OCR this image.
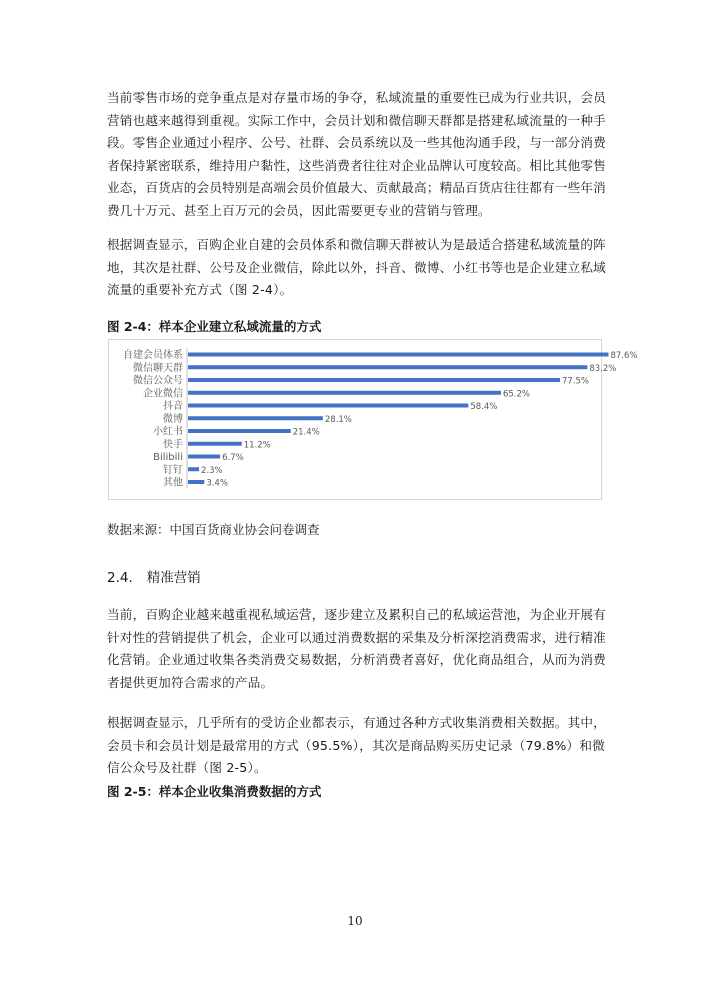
当前零售市场的竞争重点是对存量市场的争夺，私域流量的重要性已成为行业共识，会员营销也越来越得到重视。实际工作中，会员计划和微信聊天群都是搭建私域流量的一种手段。零售企业通过小程序、公号、社群、会员系统以及一些其他沟通手段，与一部分消费者保持紧密联系，维持用户黏性，这些消费者往往对企业品牌认可度较高。相比其他零售业态，百货店的会员特别是高端会员价值最大、贡献最高；精品百货店往往都有一些年消费几十万元、甚至上百万元的会员，因此需要更专业的营销与管理。

根据调查显示，百购企业自建的会员体系和微信聊天群被认为是最适合搭建私域流量的阵地，其次是社群、公号及企业微信，除此以外，抖音、微博、小红书等也是企业建立私域流量的重要补充方式（图 2-4）。

图 2-4：样本企业建立私域流量的方式

自建会员体系	87.6%
微信聊天群	83.2%
微信公众号	77.5%
企业微信	65.2%
抖音	58.4%
微博	28.1%
小红书	21.4%
快手	11.2%
Bilibili	6.7%
钉钉 2.3%
其他	3.4%

数据来源：中国百货商业协会问卷调查

2.4. 精准营销

当前，百购企业越来越重视私域运营，逐步建立及累积自己的私域运营池，为企业开展有针对性的营销提供了机会，企业可以通过消费数据的采集及分析深挖消费需求，进行精准化营销。企业通过收集各类消费交易数据，分析消费者喜好，优化商品组合，从而为消费者提供更加符合需求的产品。

根据调查显示，几乎所有的受访企业都表示，有通过各种方式收集消费相关数据。其中，会员卡和会员计划是最常用的方式（95.5%），其次是商品购买历史记录（79.8%）和微信公众号及社群（图 2-5）。

图 2-5：样本企业收集消费数据的方式

10
